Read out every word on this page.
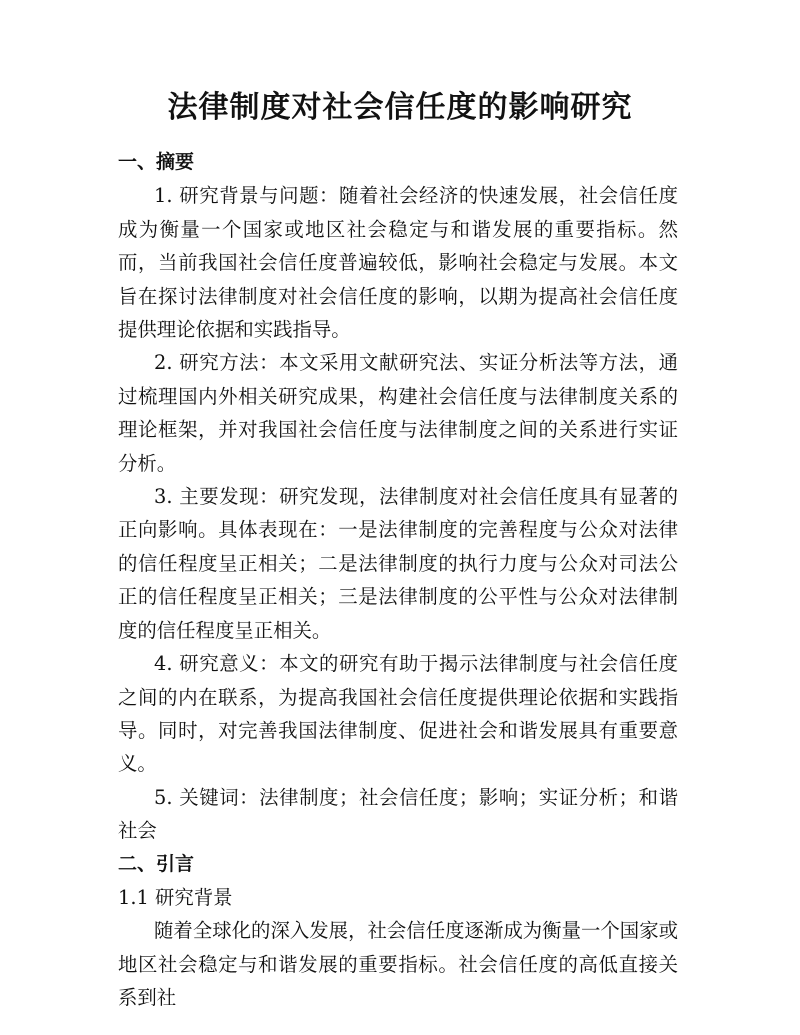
法律制度对社会信任度的影响研究

一、摘要

1. 研究背景与问题：随着社会经济的快速发展，社会信任度成为衡量一个国家或地区社会稳定与和谐发展的重要指标。然而，当前我国社会信任度普遍较低，影响社会稳定与发展。本文旨在探讨法律制度对社会信任度的影响，以期为提高社会信任度提供理论依据和实践指导。

2. 研究方法：本文采用文献研究法、实证分析法等方法，通过梳理国内外相关研究成果，构建社会信任度与法律制度关系的理论框架，并对我国社会信任度与法律制度之间的关系进行实证分析。

3. 主要发现：研究发现，法律制度对社会信任度具有显著的正向影响。具体表现在：一是法律制度的完善程度与公众对法律的信任程度呈正相关；二是法律制度的执行力度与公众对司法公正的信任程度呈正相关；三是法律制度的公平性与公众对法律制度的信任程度呈正相关。

4. 研究意义：本文的研究有助于揭示法律制度与社会信任度之间的内在联系，为提高我国社会信任度提供理论依据和实践指导。同时，对完善我国法律制度、促进社会和谐发展具有重要意义。

5. 关键词：法律制度；社会信任度；影响；实证分析；和谐社会

二、引言

1.1 研究背景

随着全球化的深入发展，社会信任度逐渐成为衡量一个国家或地区社会稳定与和谐发展的重要指标。社会信任度的高低直接关系到社
